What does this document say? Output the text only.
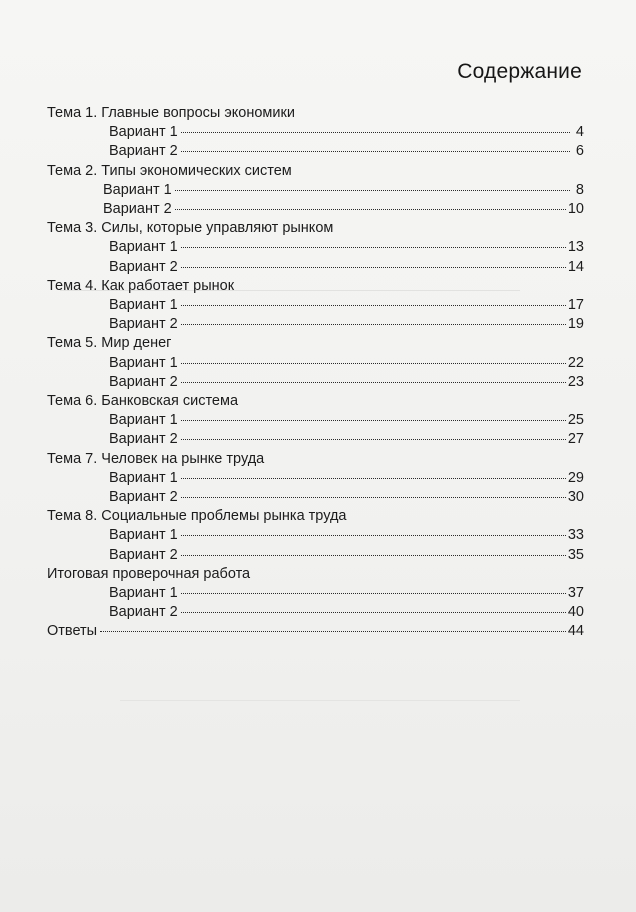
Содержание
Тема 1. Главные вопросы экономики
Вариант 1	4
Вариант 2	6
Тема 2. Типы экономических систем
Вариант 1	8
Вариант 2	10
Тема 3. Силы, которые управляют рынком
Вариант 1	13
Вариант 2	14
Тема 4. Как работает рынок
Вариант 1	17
Вариант 2	19
Тема 5. Мир денег
Вариант 1	22
Вариант 2	23
Тема 6. Банковская система
Вариант 1	25
Вариант 2	27
Тема 7. Человек на рынке труда
Вариант 1	29
Вариант 2	30
Тема 8. Социальные проблемы рынка труда
Вариант 1	33
Вариант 2	35
Итоговая проверочная работа
Вариант 1	37
Вариант 2	40
Ответы	44
